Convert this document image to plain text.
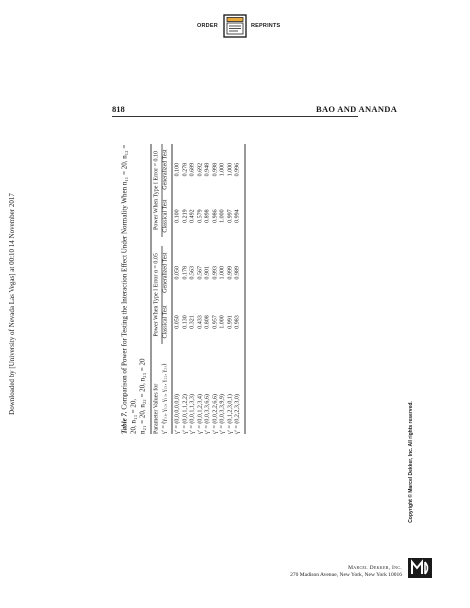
Downloaded by [University of Nevada Las Vegas] at 00:10 14 November 2017
ORDER	REPRINTS
818	BAO AND ANANDA
Table 7. Comparison of Power for Testing the Interaction Effect Under Normality When n₁₁ = 20, n₁₂ = 20, n₁₃ = 20,
n₂₁ = 20, n₂₂ = 20, n₂₃ = 20 Parameter Values for	Power When Type I Error α = 0.05			Power When Type I Error = 0.10	
γ′ = (γ₁₁, γ₁₂, γ₁₃, γ₂₁, γ₂₂, γ₂₃)	Classical Test	Generalized Test		Classical Test	Generalized Test
γ′ = (0,0,0,0,0,0)	0.050	0.050		0.100	0.100
γ′ = (0,0,1,1,2,2)	0.130	0.178		0.219	0.278
γ′ = (0,0,1,1,3,3)	0.321	0.563		0.492	0.689
γ′ = (0,0,1,2,3,4)	0.433	0.567		0.579	0.692
γ′ = (0,0,3,3,6,6)	0.808	0.901		0.898	0.948
γ′ = (0,0,2,2,6,6)	0.957	0.993		0.986	0.998
γ′ = (0,0,3,3,9,9)	1.000	1.000		1.000	1.000
γ′ = (0,1,2,3,0,1)	0.991	0.999		0.997	1.000
γ′ = (0,2,2,3,3,0)	0.983	0.989		0.994	0.996
Copyright © Marcel Dekker, Inc. All rights reserved.
Marcel Dekker, Inc.
270 Madison Avenue, New York, New York 10016
